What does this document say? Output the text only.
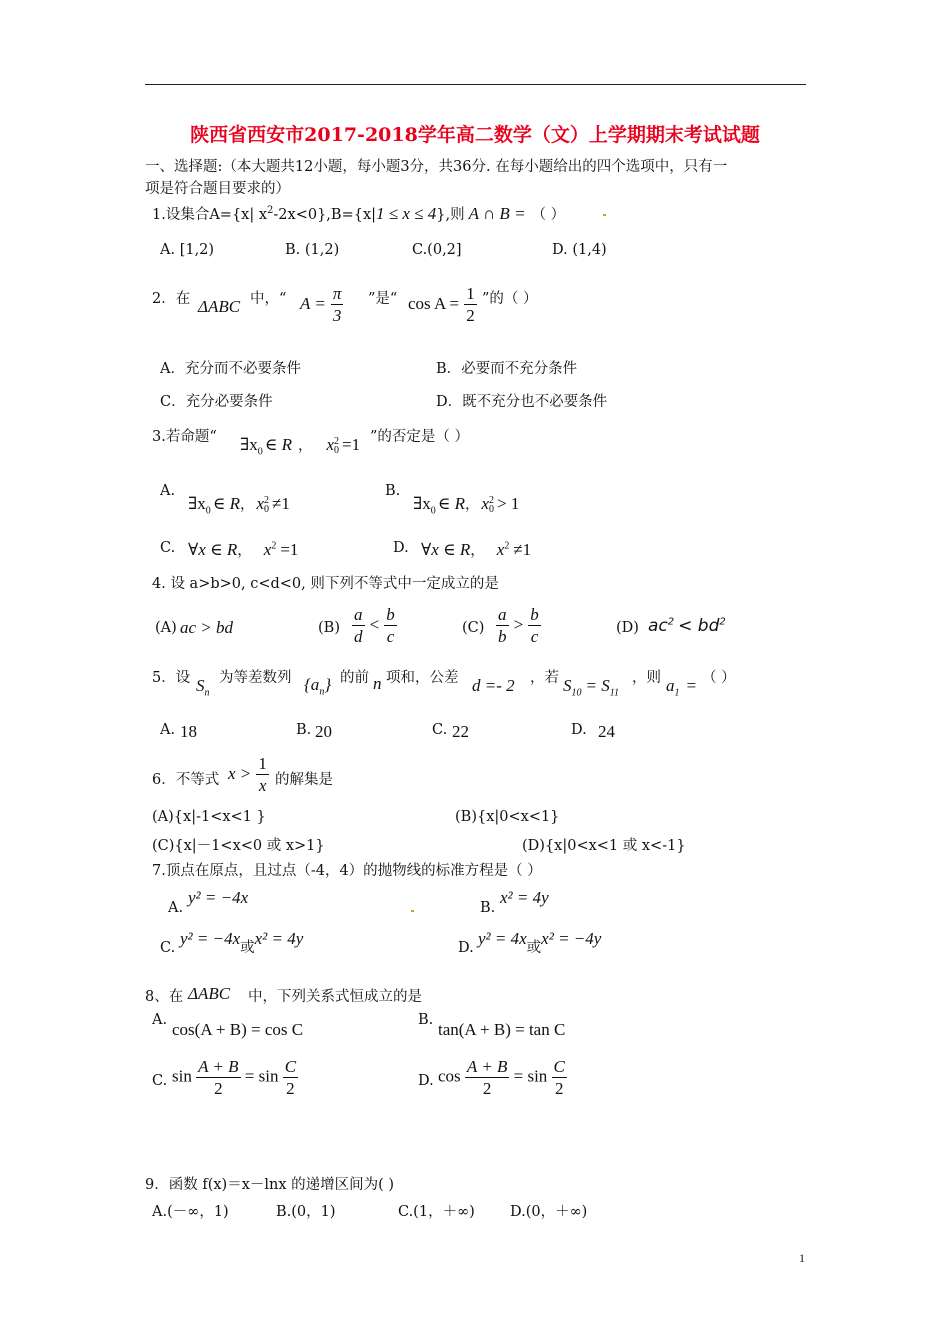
陕西省西安市2017-2018学年高二数学（文）上学期期末考试试题
一、选择题:（本大题共12小题，每小题3分，共36分. 在每小题给出的四个选项中，只有一
项是符合题目要求的）
1.设集合A={x| $x^2-2x<0\},B=\{x|1 \le x \le 4\}$,则 A ∩ B = （ ）
A. [1,2)	B. (1,2)	C.(0,2]	D. (1,4)
2．在 ΔABC 中，“ $A = \frac{\pi}{3}$ ”是“ $\cos A = \frac{1}{2}$ ”的（ ）
A．充分而不必要条件	B．必要而不充分条件
C．充分必要条件	D．既不充分也不必要条件
3.若命题“ $\exists x_0$ ∈ R ， x 2
0 =1 ”的否定是（ ）
A.
$\exists x_0$ ∈ R， x 2
0 ≠1
B.
$\exists x_0$ ∈ R， x 2
0 > 1
C. ∀x ∈ R， $x^2 =1$	D. ∀x ∈ R， $x^2 \ne 1$
4. 设 a>b>0, c<d<0, 则下列不等式中一定成立的是
(A) ac > bd	$(B) \frac{a}{d} < \frac{b}{c}$	$(C) \frac{a}{b} > \frac{b}{c}$	(D) $ac^2 < bd^2$
5．设 $S_n$
为等差数列 $\{a_n\}$ 的前 n 项和，公差 d =- 2 ，若 $S_{10} = S_{11}$
，则 $a_1$ = （ ）
A. 18	B. 20	C. 22	D. 24
6．不等式 $x > \frac{1}{x}$ 的解集是
(A){x|-1<x<1 }	(B){x|0<x<1}
(C){x|－1<x<0 或 x>1}	(D){x|0<x<1 或 x<-1}
7.顶点在原点，且过点（-4，4）的抛物线的标准方程是（ ）
A.
y² = −4x
B.
x² = 4y
C. y² = −4x或x² = 4y	D. y² = 4x或x² = −4y
8、在 ΔABC 中，下列关系式恒成立的是
A. cos(A + B) = cos C	B. tan(A + B) = tan C
C. $\sin \frac{A + B}{2} = \sin \frac{C}{2}$	D. $\cos \frac{A + B}{2} = \sin \frac{C}{2}$
9．函数 f(x)＝x－lnx 的递增区间为( )
A.(－∞，1)	B.(0，1)	C.(1，＋∞) D.(0，＋∞)
1
